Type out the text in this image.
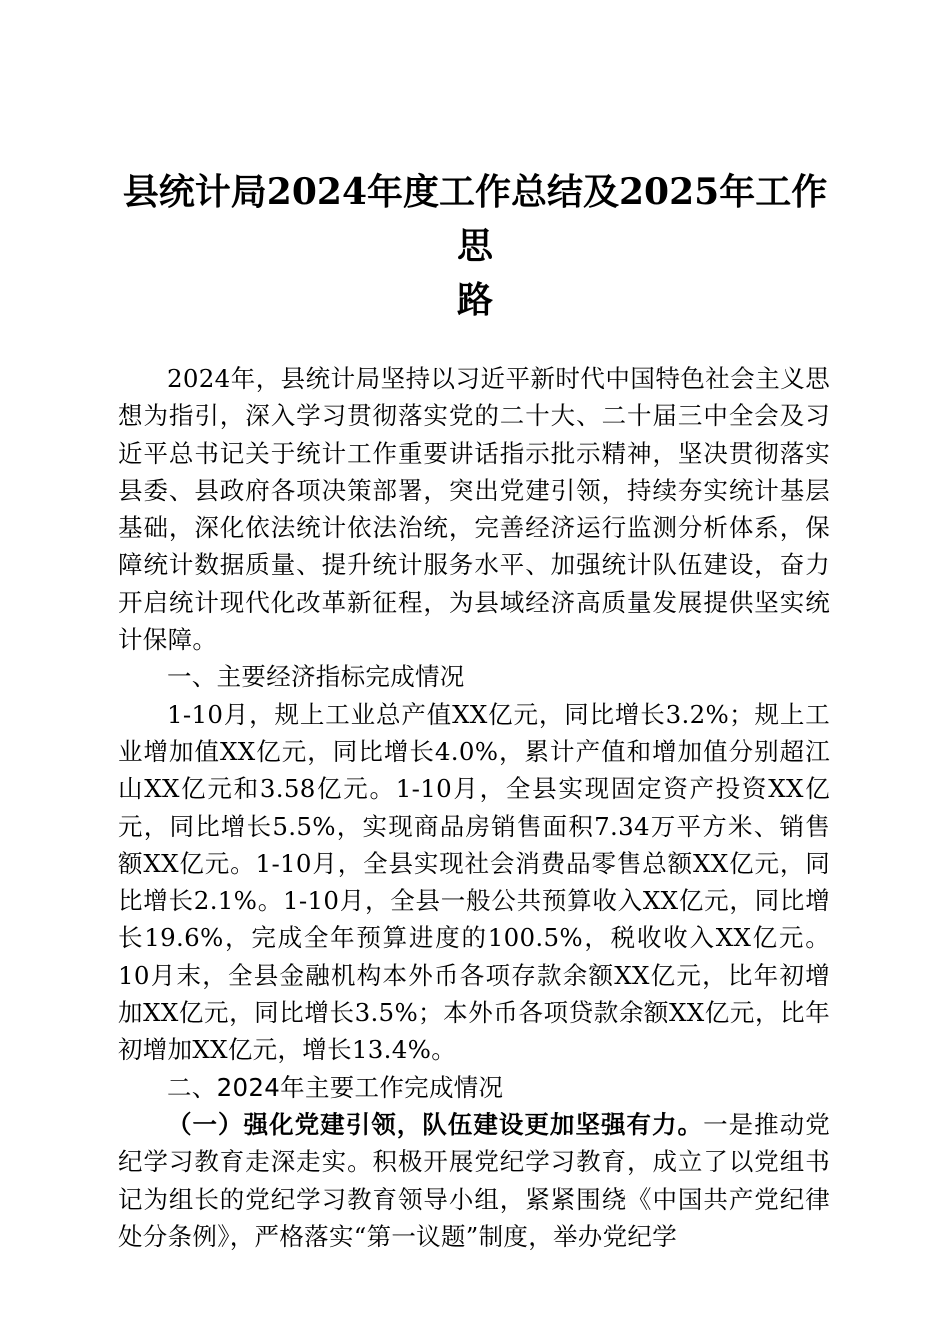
县统计局2024年度工作总结及2025年工作思
路

2024年，县统计局坚持以习近平新时代中国特色社会主义思想为指引，深入学习贯彻落实党的二十大、二十届三中全会及习近平总书记关于统计工作重要讲话指示批示精神，坚决贯彻落实县委、县政府各项决策部署，突出党建引领，持续夯实统计基层基础，深化依法统计依法治统，完善经济运行监测分析体系，保障统计数据质量、提升统计服务水平、加强统计队伍建设，奋力开启统计现代化改革新征程，为县域经济高质量发展提供坚实统计保障。

一、主要经济指标完成情况

1-10月，规上工业总产值XX亿元，同比增长3.2%；规上工业增加值XX亿元，同比增长4.0%，累计产值和增加值分别超江山XX亿元和3.58亿元。1-10月，全县实现固定资产投资XX亿元，同比增长5.5%，实现商品房销售面积7.34万平方米、销售额XX亿元。1-10月，全县实现社会消费品零售总额XX亿元，同比增长2.1%。1-10月，全县一般公共预算收入XX亿元，同比增长19.6%，完成全年预算进度的100.5%，税收收入XX亿元。10月末，全县金融机构本外币各项存款余额XX亿元，比年初增加XX亿元，同比增长3.5%；本外币各项贷款余额XX亿元，比年初增加XX亿元，增长13.4%。

二、2024年主要工作完成情况

（一）强化党建引领，队伍建设更加坚强有力。一是推动党纪学习教育走深走实。积极开展党纪学习教育，成立了以党组书记为组长的党纪学习教育领导小组，紧紧围绕《中国共产党纪律处分条例》，严格落实“第一议题”制度，举办党纪学
